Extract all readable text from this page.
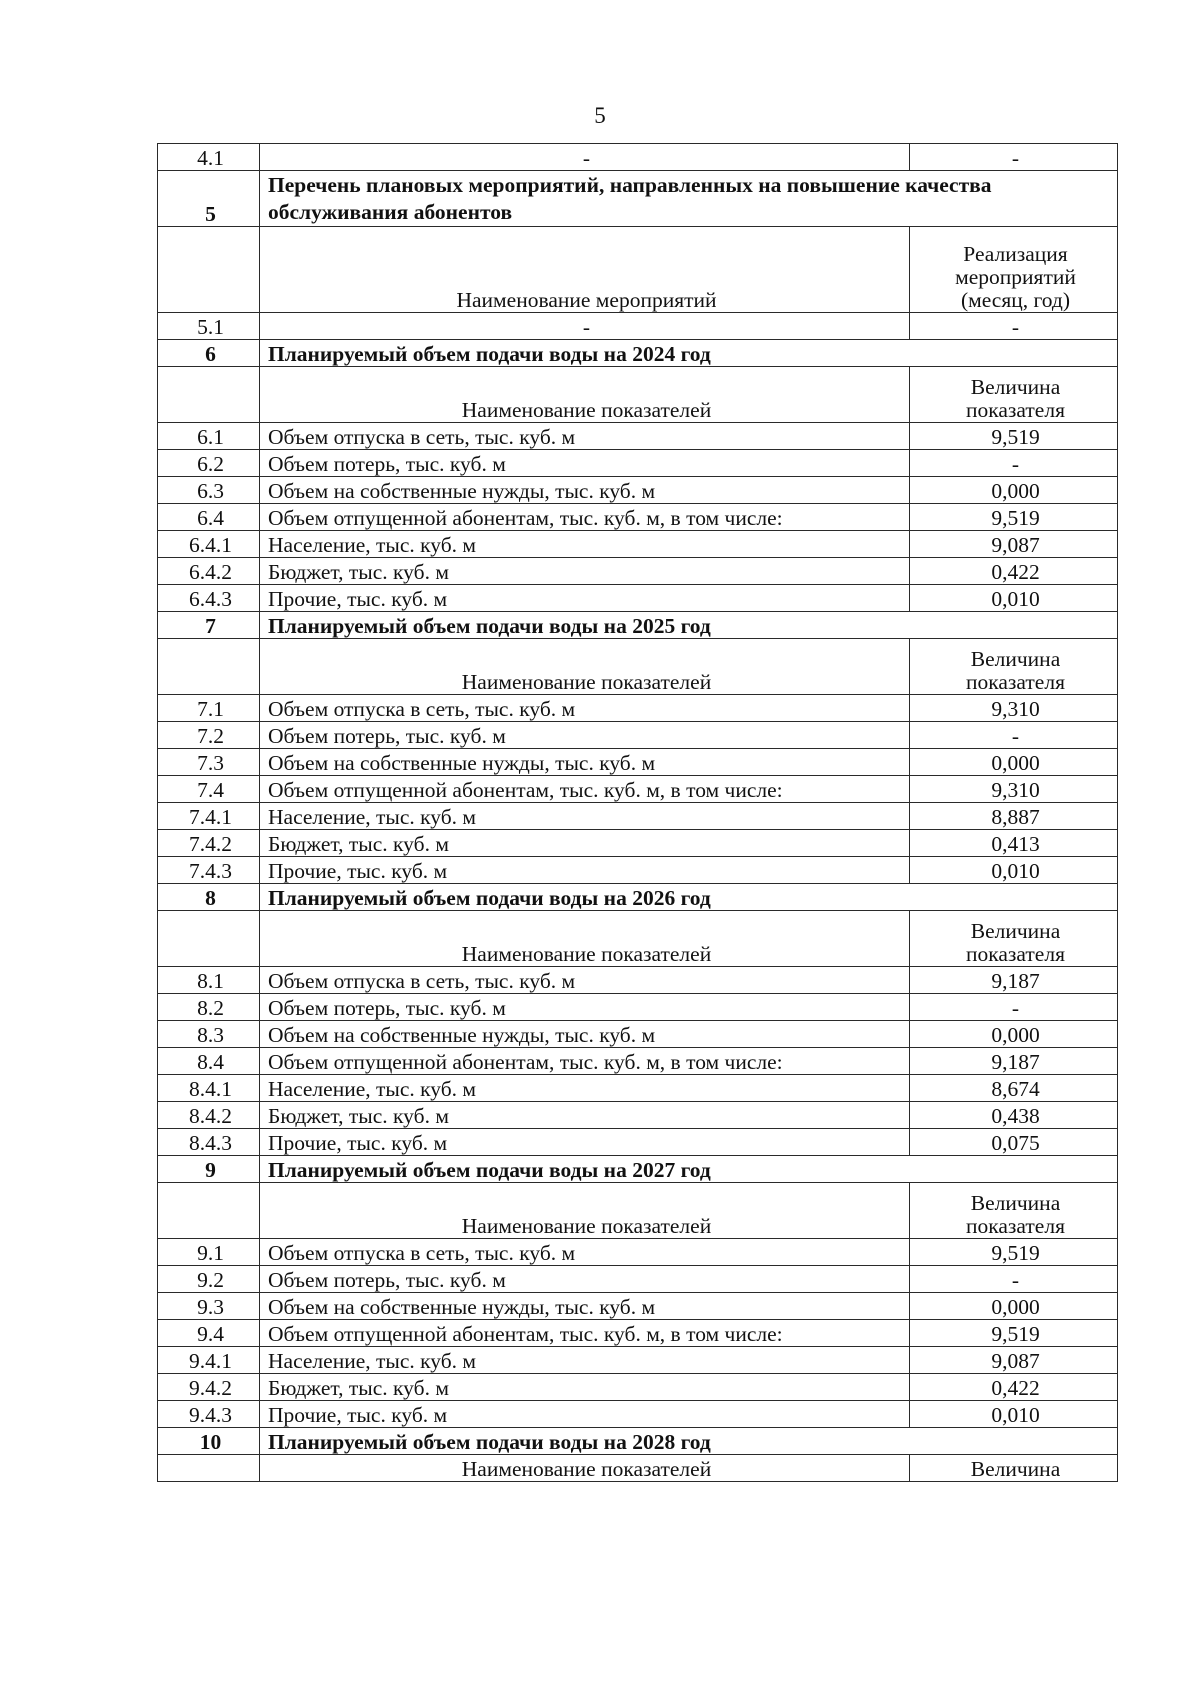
5
4.1	-	-
5	Перечень плановых мероприятий, направленных на повышение качества обслуживания абонентов	
	Наименование мероприятий	Реализация
мероприятий
(месяц, год)

5.1	-	-
6	Планируемый объем подачи воды на 2024 год	
	Наименование показателей	Величина
показателя

6.1	Объем отпуска в сеть, тыс. куб. м	9,519
6.2	Объем потерь, тыс. куб. м	-
6.3	Объем на собственные нужды, тыс. куб. м	0,000
6.4	Объем отпущенной абонентам, тыс. куб. м, в том числе:	9,519
6.4.1	Население, тыс. куб. м	9,087
6.4.2	Бюджет, тыс. куб. м	0,422
6.4.3	Прочие, тыс. куб. м	0,010
7	Планируемый объем подачи воды на 2025 год	
	Наименование показателей	Величина
показателя

7.1	Объем отпуска в сеть, тыс. куб. м	9,310
7.2	Объем потерь, тыс. куб. м	-
7.3	Объем на собственные нужды, тыс. куб. м	0,000
7.4	Объем отпущенной абонентам, тыс. куб. м, в том числе:	9,310
7.4.1	Население, тыс. куб. м	8,887
7.4.2	Бюджет, тыс. куб. м	0,413
7.4.3	Прочие, тыс. куб. м	0,010
8	Планируемый объем подачи воды на 2026 год	
	Наименование показателей	Величина
показателя

8.1	Объем отпуска в сеть, тыс. куб. м	9,187
8.2	Объем потерь, тыс. куб. м	-
8.3	Объем на собственные нужды, тыс. куб. м	0,000
8.4	Объем отпущенной абонентам, тыс. куб. м, в том числе:	9,187
8.4.1	Население, тыс. куб. м	8,674
8.4.2	Бюджет, тыс. куб. м	0,438
8.4.3	Прочие, тыс. куб. м	0,075
9	Планируемый объем подачи воды на 2027 год	
	Наименование показателей	Величина
показателя

9.1	Объем отпуска в сеть, тыс. куб. м	9,519
9.2	Объем потерь, тыс. куб. м	-
9.3	Объем на собственные нужды, тыс. куб. м	0,000
9.4	Объем отпущенной абонентам, тыс. куб. м, в том числе:	9,519
9.4.1	Население, тыс. куб. м	9,087
9.4.2	Бюджет, тыс. куб. м	0,422
9.4.3	Прочие, тыс. куб. м	0,010
10	Планируемый объем подачи воды на 2028 год	
	Наименование показателей	Величина
